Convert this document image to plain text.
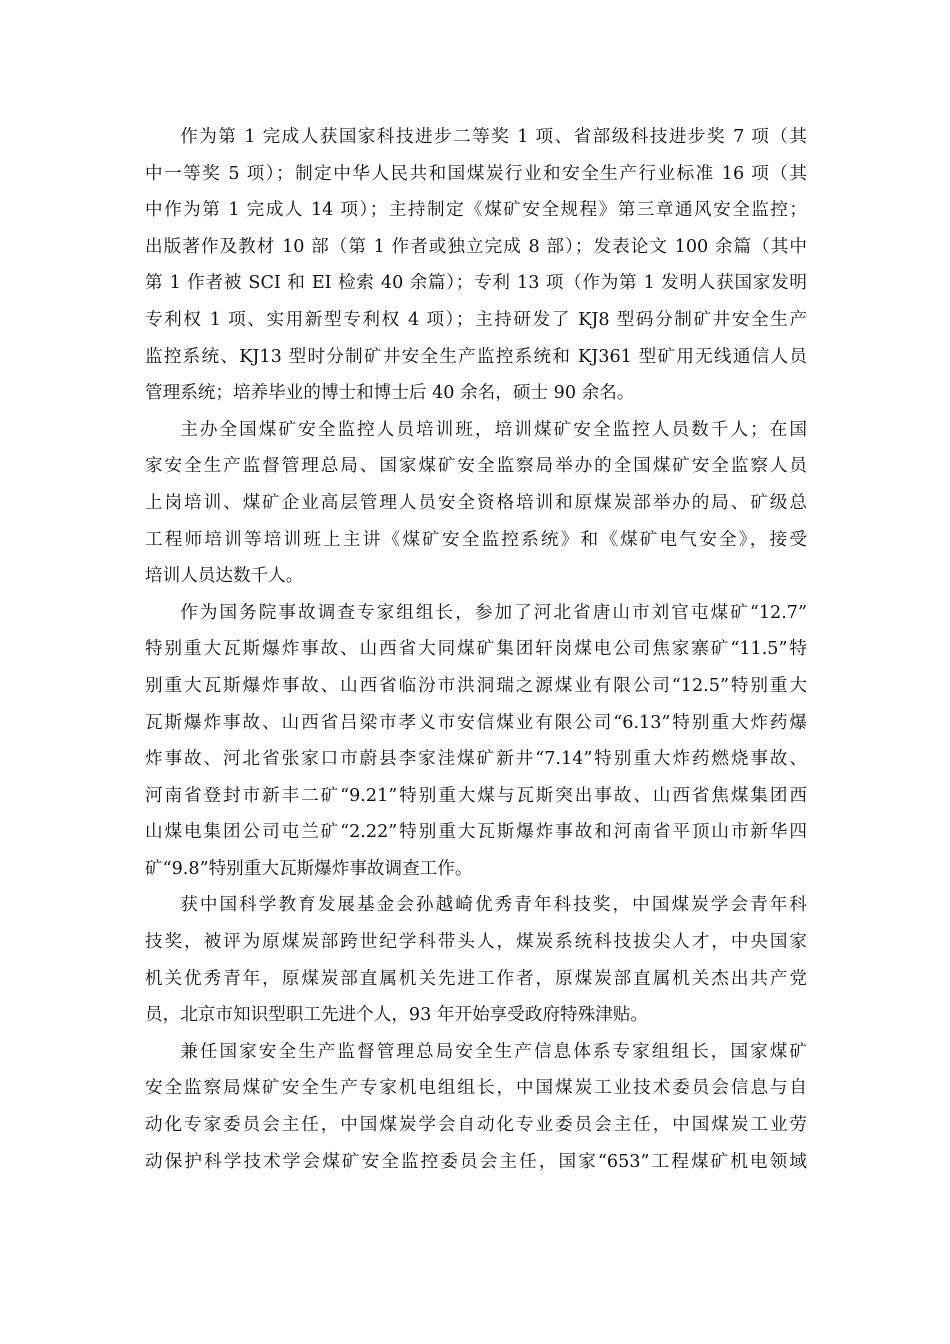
作为第 1 完成人获国家科技进步二等奖 1 项、省部级科技进步奖 7 项（其
中一等奖 5 项）；制定中华人民共和国煤炭行业和安全生产行业标准 16 项（其
中作为第 1 完成人 14 项）；主持制定《煤矿安全规程》第三章通风安全监控；
出版著作及教材 10 部（第 1 作者或独立完成 8 部）；发表论文 100 余篇（其中
第 1 作者被 SCI 和 EI 检索 40 余篇）；专利 13 项（作为第 1 发明人获国家发明
专利权 1 项、实用新型专利权 4 项）；主持研发了 KJ8 型码分制矿井安全生产
监控系统、KJ13 型时分制矿井安全生产监控系统和 KJ361 型矿用无线通信人员
管理系统；培养毕业的博士和博士后 40 余名，硕士 90 余名。
主办全国煤矿安全监控人员培训班，培训煤矿安全监控人员数千人；在国
家安全生产监督管理总局、国家煤矿安全监察局举办的全国煤矿安全监察人员
上岗培训、煤矿企业高层管理人员安全资格培训和原煤炭部举办的局、矿级总
工程师培训等培训班上主讲《煤矿安全监控系统》和《煤矿电气安全》，接受
培训人员达数千人。
作为国务院事故调查专家组组长，参加了河北省唐山市刘官屯煤矿“12.7”
特别重大瓦斯爆炸事故、山西省大同煤矿集团轩岗煤电公司焦家寨矿“11.5”特
别重大瓦斯爆炸事故、山西省临汾市洪洞瑞之源煤业有限公司“12.5”特别重大
瓦斯爆炸事故、山西省吕梁市孝义市安信煤业有限公司“6.13”特别重大炸药爆
炸事故、河北省张家口市蔚县李家洼煤矿新井“7.14”特别重大炸药燃烧事故、
河南省登封市新丰二矿“9.21”特别重大煤与瓦斯突出事故、山西省焦煤集团西
山煤电集团公司屯兰矿“2.22”特别重大瓦斯爆炸事故和河南省平顶山市新华四
矿“9.8”特别重大瓦斯爆炸事故调查工作。
获中国科学教育发展基金会孙越崎优秀青年科技奖，中国煤炭学会青年科
技奖，被评为原煤炭部跨世纪学科带头人，煤炭系统科技拔尖人才，中央国家
机关优秀青年，原煤炭部直属机关先进工作者，原煤炭部直属机关杰出共产党
员，北京市知识型职工先进个人，93 年开始享受政府特殊津贴。
兼任国家安全生产监督管理总局安全生产信息体系专家组组长，国家煤矿
安全监察局煤矿安全生产专家机电组组长，中国煤炭工业技术委员会信息与自
动化专家委员会主任，中国煤炭学会自动化专业委员会主任，中国煤炭工业劳
动保护科学技术学会煤矿安全监控委员会主任，国家“653”工程煤矿机电领域
